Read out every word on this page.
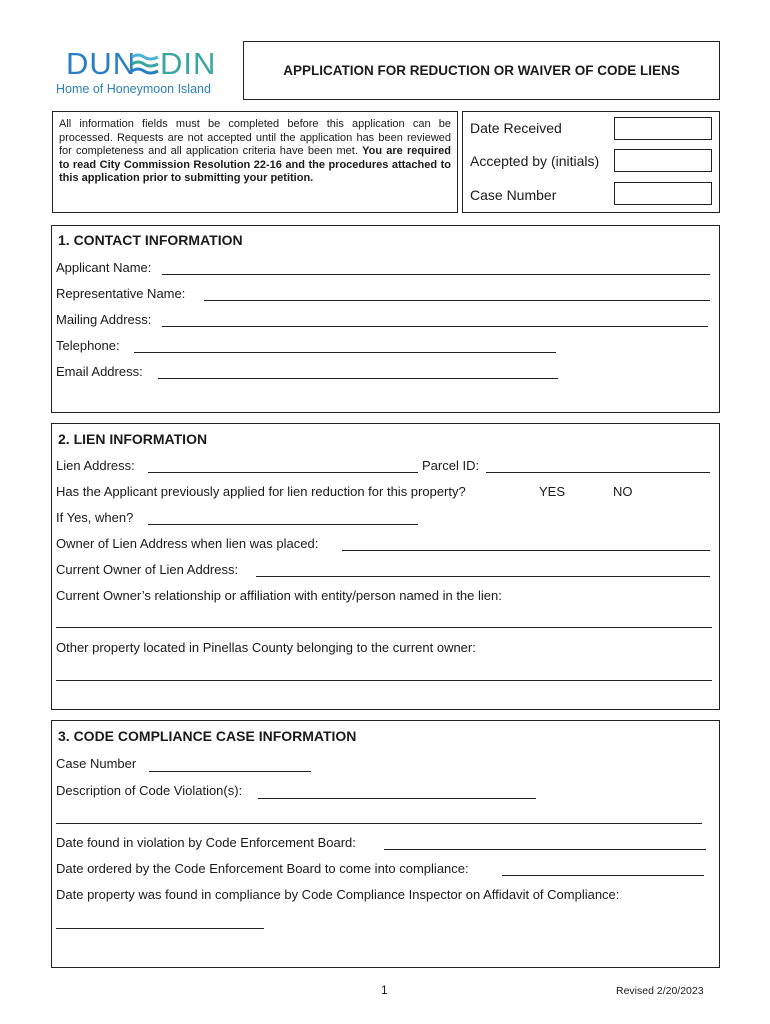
DUN DIN
Home of Honeymoon Island
APPLICATION FOR REDUCTION OR WAIVER OF CODE LIENS
All information fields must be completed before this application can be processed. Requests are not accepted until the application has been reviewed for completeness and all application criteria have been met. You are required to read City Commission Resolution 22-16 and the procedures attached to this application prior to submitting your petition.
Date Received
Accepted by (initials)
Case Number
1. CONTACT INFORMATION
Applicant Name:
Representative Name:
Mailing Address:
Telephone:
Email Address:
2. LIEN INFORMATION
Lien Address:	Parcel ID:
Has the Applicant previously applied for lien reduction for this property?	YES	NO
If Yes, when?
Owner of Lien Address when lien was placed:
Current Owner of Lien Address:
Current Owner’s relationship or affiliation with entity/person named in the lien:
Other property located in Pinellas County belonging to the current owner:
3. CODE COMPLIANCE CASE INFORMATION
Case Number
Description of Code Violation(s):
Date found in violation by Code Enforcement Board:
Date ordered by the Code Enforcement Board to come into compliance:
Date property was found in compliance by Code Compliance Inspector on Affidavit of Compliance:
1	Revised 2/20/2023
